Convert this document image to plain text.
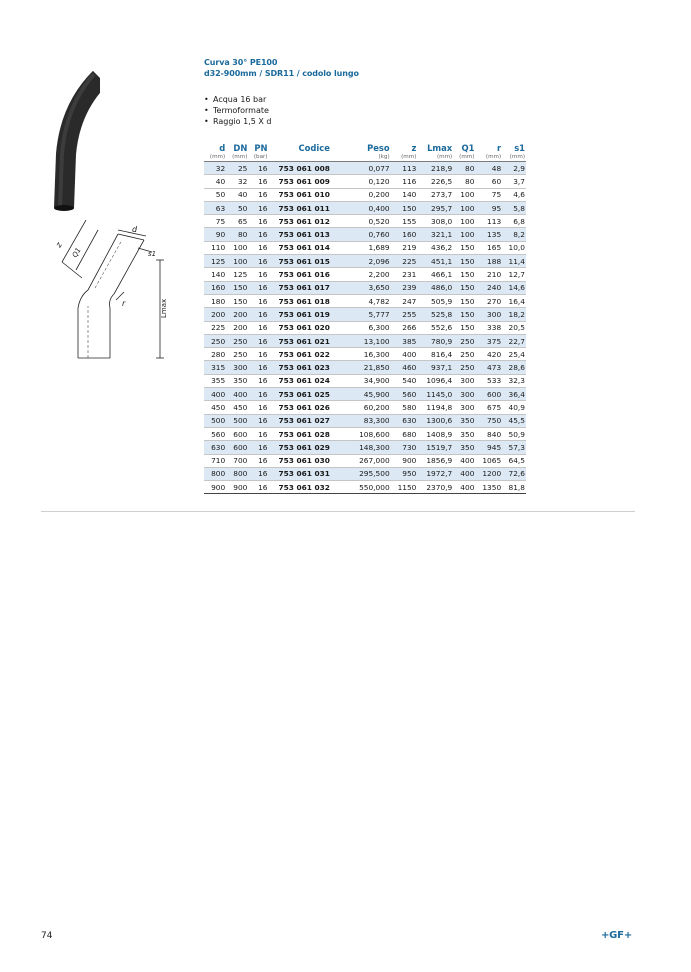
d
z
Q1	s1
r	Lmax
Curva 30° PE100
d32-900mm / SDR11 / codolo lungo
• Acqua 16 bar
• Termoformate
• Raggio 1,5 X d
d	DN	PN	Codice	Peso	z	Lmax	Q1	r	s1
(mm)	(mm)	(bar)		(kg)	(mm)	(mm)	(mm)	(mm)	(mm)
32	25	16	753 061 008	0,077	113	218,9	80	48	2,9
40	32	16	753 061 009	0,120	116	226,5	80	60	3,7
50	40	16	753 061 010	0,200	140	273,7	100	75	4,6
63	50	16	753 061 011	0,400	150	295,7	100	95	5,8
75	65	16	753 061 012	0,520	155	308,0	100	113	6,8
90	80	16	753 061 013	0,760	160	321,1	100	135	8,2
110	100	16	753 061 014	1,689	219	436,2	150	165	10,0
125	100	16	753 061 015	2,096	225	451,1	150	188	11,4
140	125	16	753 061 016	2,200	231	466,1	150	210	12,7
160	150	16	753 061 017	3,650	239	486,0	150	240	14,6
180	150	16	753 061 018	4,782	247	505,9	150	270	16,4
200	200	16	753 061 019	5,777	255	525,8	150	300	18,2
225	200	16	753 061 020	6,300	266	552,6	150	338	20,5
250	250	16	753 061 021	13,100	385	780,9	250	375	22,7
280	250	16	753 061 022	16,300	400	816,4	250	420	25,4
315	300	16	753 061 023	21,850	460	937,1	250	473	28,6
355	350	16	753 061 024	34,900	540	1096,4	300	533	32,3
400	400	16	753 061 025	45,900	560	1145,0	300	600	36,4
450	450	16	753 061 026	60,200	580	1194,8	300	675	40,9
500	500	16	753 061 027	83,300	630	1300,6	350	750	45,5
560	600	16	753 061 028	108,600	680	1408,9	350	840	50,9
630	600	16	753 061 029	148,300	730	1519,7	350	945	57,3
710	700	16	753 061 030	267,000	900	1856,9	400	1065	64,5
800	800	16	753 061 031	295,500	950	1972,7	400	1200	72,6
900	900	16	753 061 032	550,000	1150	2370,9	400	1350	81,8
74	+GF+
